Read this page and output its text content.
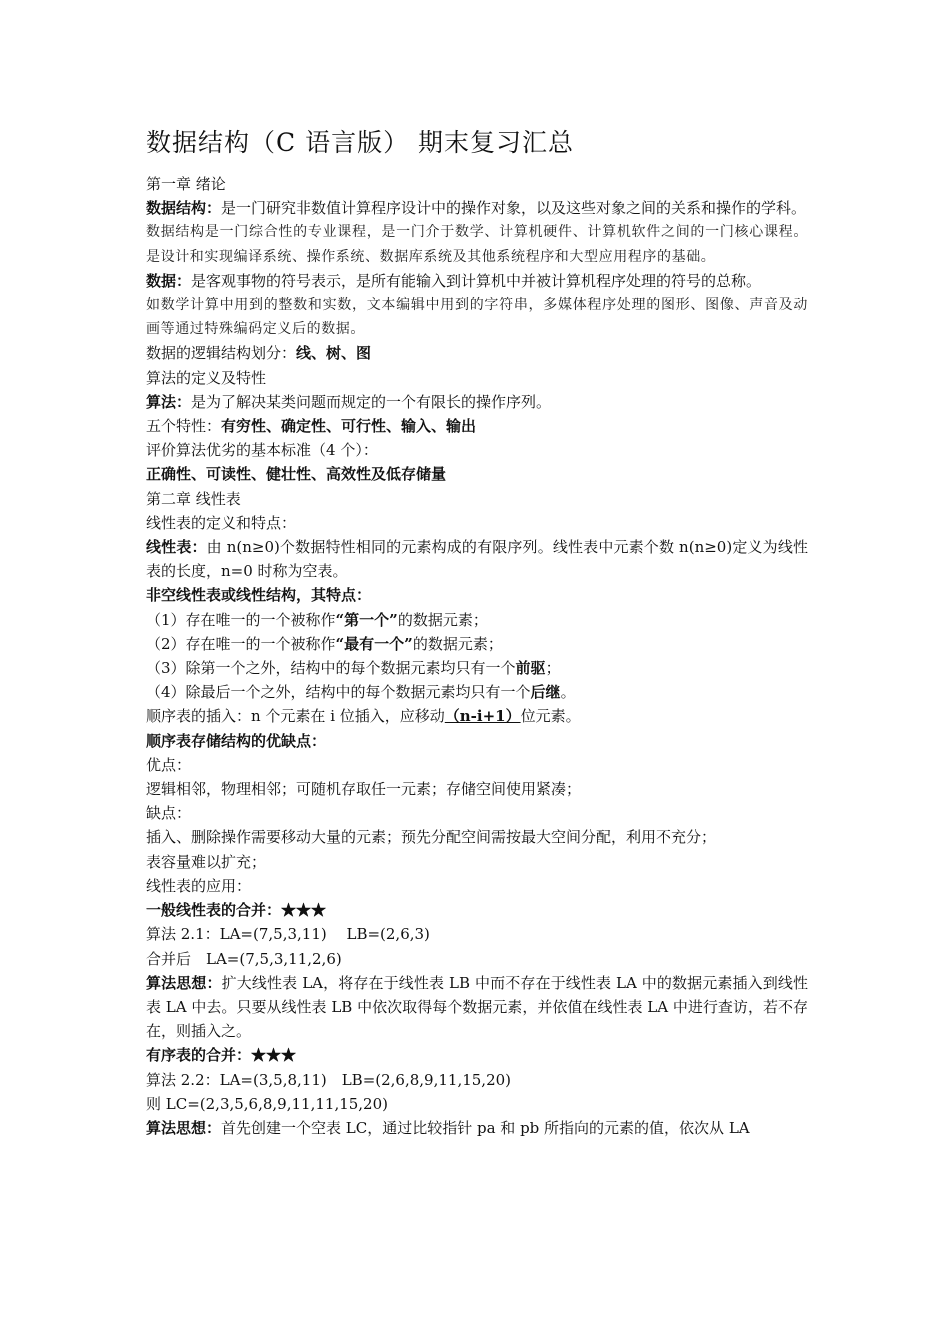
数据结构（C 语言版） 期末复习汇总

第一章 绪论

数据结构：是一门研究非数值计算程序设计中的操作对象，以及这些对象之间的关系和操作的学科。

数据结构是一门综合性的专业课程，是一门介于数学、计算机硬件、计算机软件之间的一门核心课程。是设计和实现编译系统、操作系统、数据库系统及其他系统程序和大型应用程序的基础。

数据：是客观事物的符号表示，是所有能输入到计算机中并被计算机程序处理的符号的总称。

如数学计算中用到的整数和实数，文本编辑中用到的字符串，多媒体程序处理的图形、图像、声音及动画等通过特殊编码定义后的数据。

数据的逻辑结构划分：线、树、图

算法的定义及特性

算法：是为了解决某类问题而规定的一个有限长的操作序列。

五个特性：有穷性、确定性、可行性、输入、输出

评价算法优劣的基本标准（4 个）：

正确性、可读性、健壮性、高效性及低存储量

第二章 线性表

线性表的定义和特点：

线性表：由 n(n≥0)个数据特性相同的元素构成的有限序列。线性表中元素个数 n(n≥0)定义为线性表的长度，n=0 时称为空表。

非空线性表或线性结构，其特点：

（1）存在唯一的一个被称作“第一个”的数据元素；

（2）存在唯一的一个被称作“最有一个”的数据元素；

（3）除第一个之外，结构中的每个数据元素均只有一个前驱；

（4）除最后一个之外，结构中的每个数据元素均只有一个后继。

顺序表的插入：n 个元素在 i 位插入，应移动（n-i+1）位元素。

顺序表存储结构的优缺点：

优点：

逻辑相邻，物理相邻；可随机存取任一元素；存储空间使用紧凑；

缺点：

插入、删除操作需要移动大量的元素；预先分配空间需按最大空间分配，利用不充分；

表容量难以扩充；

线性表的应用：

一般线性表的合并：★★★

算法 2.1：LA=(7,5,3,11)　 LB=(2,6,3)

合并后　LA=(7,5,3,11,2,6)

算法思想：扩大线性表 LA，将存在于线性表 LB 中而不存在于线性表 LA 中的数据元素插入到线性表 LA 中去。只要从线性表 LB 中依次取得每个数据元素，并依值在线性表 LA 中进行查访，若不存在，则插入之。

有序表的合并：★★★

算法 2.2：LA=(3,5,8,11)　LB=(2,6,8,9,11,15,20)

则 LC=(2,3,5,6,8,9,11,11,15,20)

算法思想：首先创建一个空表 LC，通过比较指针 pa 和 pb 所指向的元素的值，依次从 LA
